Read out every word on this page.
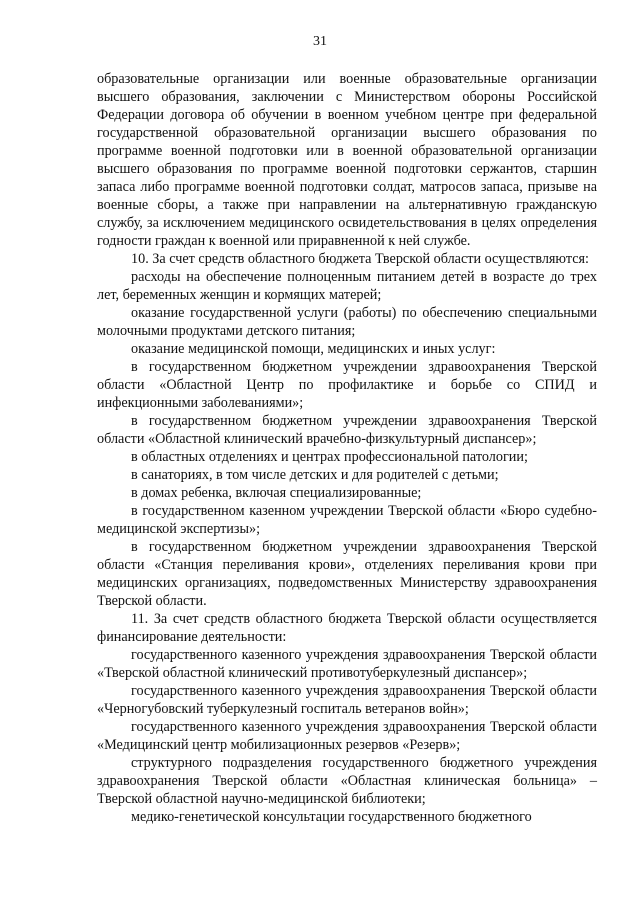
31

образовательные организации или военные образовательные организации высшего образования, заключении с Министерством обороны Российской Федерации договора об обучении в военном учебном центре при федеральной государственной образовательной организации высшего образования по программе военной подготовки или в военной образовательной организации высшего образования по программе военной подготовки сержантов, старшин запаса либо программе военной подготовки солдат, матросов запаса, призыве на военные сборы, а также при направлении на альтернативную гражданскую службу, за исключением медицинского освидетельствования в целях определения годности граждан к военной или приравненной к ней службе.

10. За счет средств областного бюджета Тверской области осуществляются:

расходы на обеспечение полноценным питанием детей в возрасте до трех лет, беременных женщин и кормящих матерей;

оказание государственной услуги (работы) по обеспечению специальными молочными продуктами детского питания;

оказание медицинской помощи, медицинских и иных услуг:

в государственном бюджетном учреждении здравоохранения Тверской области «Областной Центр по профилактике и борьбе со СПИД и инфекционными заболеваниями»;

в государственном бюджетном учреждении здравоохранения Тверской области «Областной клинический врачебно-физкультурный диспансер»;

в областных отделениях и центрах профессиональной патологии;

в санаториях, в том числе детских и для родителей с детьми;

в домах ребенка, включая специализированные;

в государственном казенном учреждении Тверской области «Бюро судебно-медицинской экспертизы»;

в государственном бюджетном учреждении здравоохранения Тверской области «Станция переливания крови», отделениях переливания крови при медицинских организациях, подведомственных Министерству здравоохранения Тверской области.

11. За счет средств областного бюджета Тверской области осуществляется финансирование деятельности:

государственного казенного учреждения здравоохранения Тверской области «Тверской областной клинический противотуберкулезный диспансер»;

государственного казенного учреждения здравоохранения Тверской области «Черногубовский туберкулезный госпиталь ветеранов войн»;

государственного казенного учреждения здравоохранения Тверской области «Медицинский центр мобилизационных резервов «Резерв»;

структурного подразделения государственного бюджетного учреждения здравоохранения Тверской области «Областная клиническая больница» – Тверской областной научно-медицинской библиотеки;

медико-генетической консультации государственного бюджетного
